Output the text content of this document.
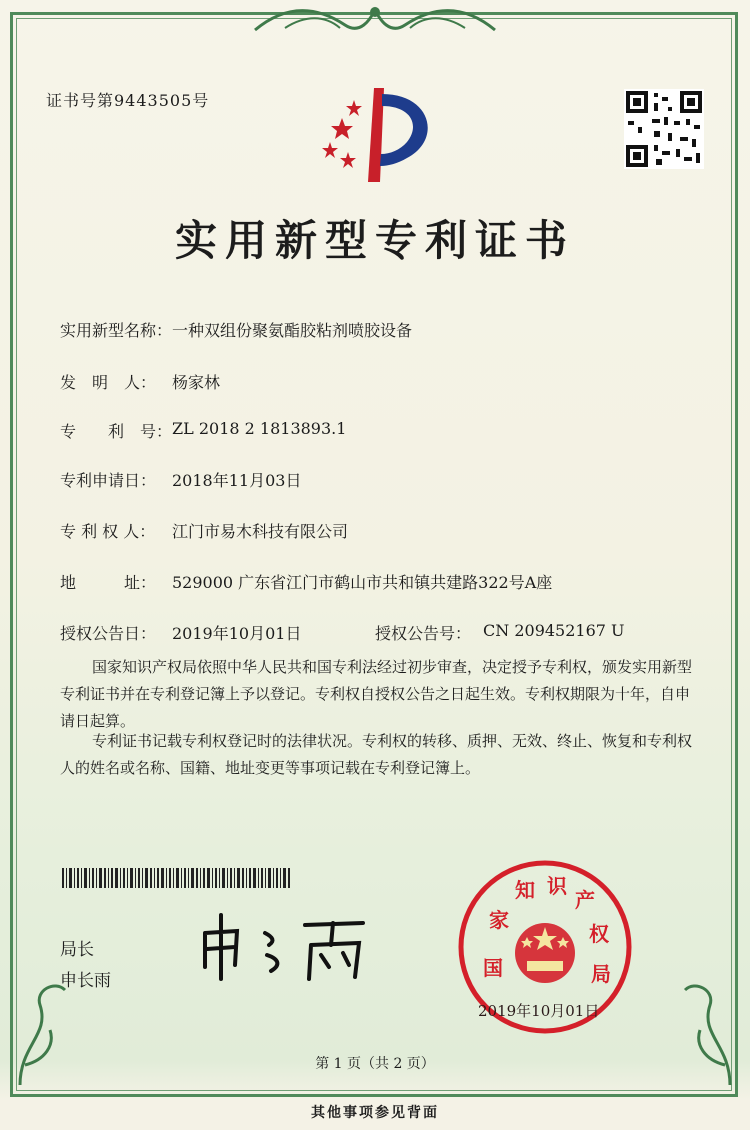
证书号第9443505号
实用新型专利证书
实用新型名称： 一种双组份聚氨酯胶粘剂喷胶设备
发　明　人： 杨家林
专　　利　号： ZL 2018 2 1813893.1
专利申请日： 2018年11月03日
专 利 权 人： 江门市易木科技有限公司
地　　　址： 529000 广东省江门市鹤山市共和镇共建路322号A座
授权公告日： 2019年10月01日	授权公告号： CN 209452167 U
国家知识产权局依照中华人民共和国专利法经过初步审查，决定授予专利权，颁发实用新型专利证书并在专利登记簿上予以登记。专利权自授权公告之日起生效。专利权期限为十年，自申请日起算。
专利证书记载专利权登记时的法律状况。专利权的转移、质押、无效、终止、恢复和专利权人的姓名或名称、国籍、地址变更等事项记载在专利登记簿上。
局长
申长雨
国
家
知 识
产
权
局
2019年10月01日
第 1 页（共 2 页）
其他事项参见背面
